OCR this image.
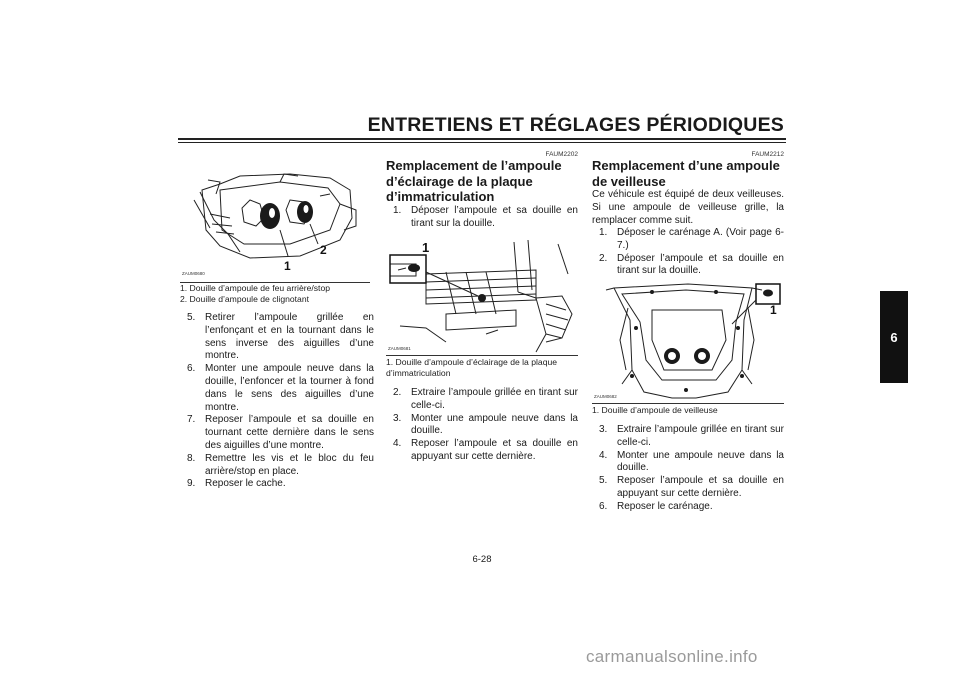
ENTRETIENS ET RÉGLAGES PÉRIODIQUES
6
1
2
ZAUM0680
1. Douille d’ampoule de feu arrière/stop
2. Douille d’ampoule de clignotant
5. Retirer l’ampoule grillée en l’enfonçant et en la tournant dans le sens inverse des aiguilles d’une montre.
6. Monter une ampoule neuve dans la douille, l’enfoncer et la tourner à fond dans le sens des aiguilles d’une montre.
7. Reposer l’ampoule et sa douille en tournant cette dernière dans le sens des aiguilles d’une montre.
8. Remettre les vis et le bloc du feu arrière/stop en place.
9. Reposer le cache.
FAUM2202
Remplacement de l’ampoule d’éclairage de la plaque d’immatriculation
1. Déposer l’ampoule et sa douille en tirant sur la douille.
1
ZAUM0681
1. Douille d’ampoule d’éclairage de la plaque d’immatriculation
2. Extraire l’ampoule grillée en tirant sur celle-ci.
3. Monter une ampoule neuve dans la douille.
4. Reposer l’ampoule et sa douille en appuyant sur cette dernière.
FAUM2212
Remplacement d’une ampoule de veilleuse
Ce véhicule est équipé de deux veilleuses. Si une ampoule de veilleuse grille, la remplacer comme suit.
1. Déposer le carénage A. (Voir page 6-7.)
2. Déposer l’ampoule et sa douille en tirant sur la douille.
1
ZAUM0682
1. Douille d’ampoule de veilleuse
3. Extraire l’ampoule grillée en tirant sur celle-ci.
4. Monter une ampoule neuve dans la douille.
5. Reposer l’ampoule et sa douille en appuyant sur cette dernière.
6. Reposer le carénage.
6-28
carmanualsonline.info
